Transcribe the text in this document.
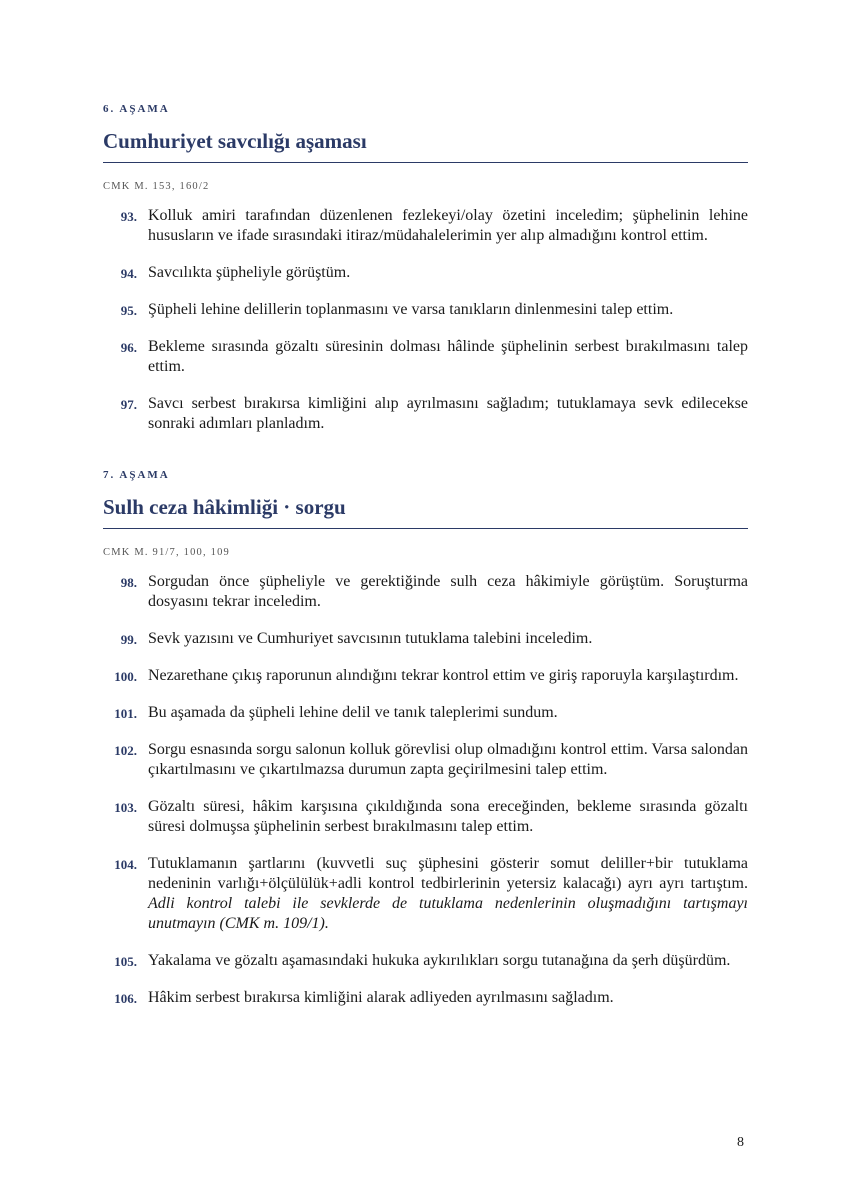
6. AŞAMA
Cumhuriyet savcılığı aşaması
CMK M. 153, 160/2
93. Kolluk amiri tarafından düzenlenen fezlekeyi/olay özetini inceledim; şüphelinin lehine hususların ve ifade sırasındaki itiraz/müdahalelerimin yer alıp almadığını kontrol ettim.
94. Savcılıkta şüpheliyle görüştüm.
95. Şüpheli lehine delillerin toplanmasını ve varsa tanıkların dinlenmesini talep ettim.
96. Bekleme sırasında gözaltı süresinin dolması hâlinde şüphelinin serbest bırakılmasını talep ettim.
97. Savcı serbest bırakırsa kimliğini alıp ayrılmasını sağladım; tutuklamaya sevk edilecekse sonraki adımları planladım.
7. AŞAMA
Sulh ceza hâkimliği · sorgu
CMK M. 91/7, 100, 109
98. Sorgudan önce şüpheliyle ve gerektiğinde sulh ceza hâkimiyle görüştüm. Soruşturma dosyasını tekrar inceledim.
99. Sevk yazısını ve Cumhuriyet savcısının tutuklama talebini inceledim.
100. Nezarethane çıkış raporunun alındığını tekrar kontrol ettim ve giriş raporuyla karşılaştırdım.
101. Bu aşamada da şüpheli lehine delil ve tanık taleplerimi sundum.
102. Sorgu esnasında sorgu salonun kolluk görevlisi olup olmadığını kontrol ettim. Varsa salondan çıkartılmasını ve çıkartılmazsa durumun zapta geçirilmesini talep ettim.
103. Gözaltı süresi, hâkim karşısına çıkıldığında sona ereceğinden, bekleme sırasında gözaltı süresi dolmuşsa şüphelinin serbest bırakılmasını talep ettim.
104. Tutuklamanın şartlarını (kuvvetli suç şüphesini gösterir somut deliller+bir tutuklama nedeninin varlığı+ölçülülük+adli kontrol tedbirlerinin yetersiz kalacağı) ayrı ayrı tartıştım. Adli kontrol talebi ile sevklerde de tutuklama nedenlerinin oluşmadığını tartışmayı unutmayın (CMK m. 109/1).
105. Yakalama ve gözaltı aşamasındaki hukuka aykırılıkları sorgu tutanağına da şerh düşürdüm.
106. Hâkim serbest bırakırsa kimliğini alarak adliyeden ayrılmasını sağladım.
8
